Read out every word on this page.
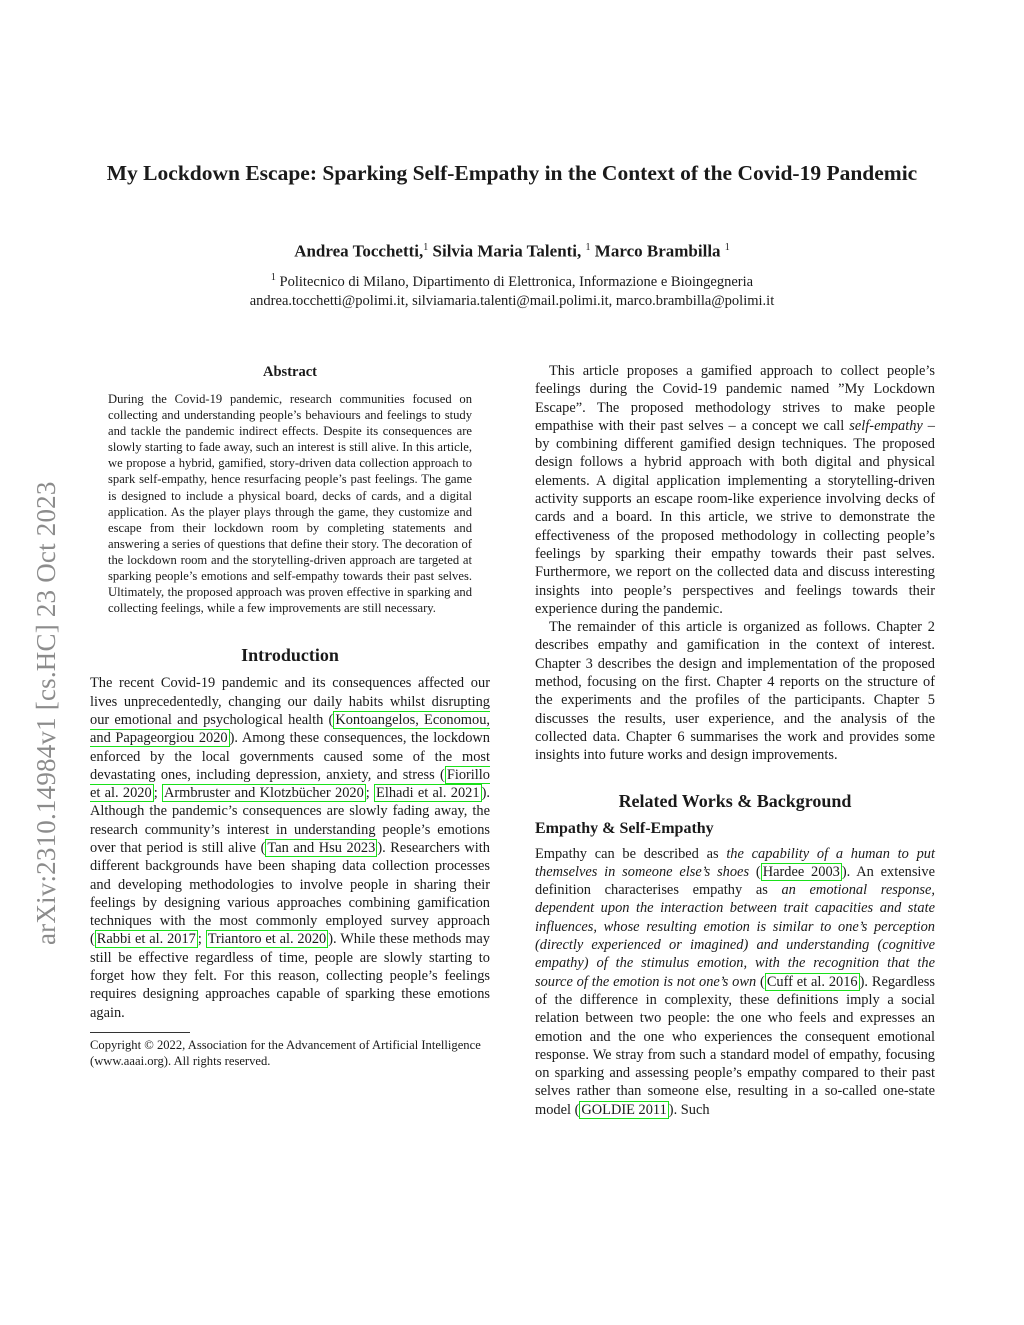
arXiv:2310.14984v1 [cs.HC] 23 Oct 2023
My Lockdown Escape: Sparking Self-Empathy in the Context of the Covid-19 Pandemic
Andrea Tocchetti,$^1$ Silvia Maria Talenti, $^1$ Marco Brambilla $^1$
$^1$ Politecnico di Milano, Dipartimento di Elettronica, Informazione e Bioingegneria
andrea.tocchetti@polimi.it, silviamaria.talenti@mail.polimi.it, marco.brambilla@polimi.it
Abstract

During the Covid-19 pandemic, research communities focused on collecting and understanding people’s behaviours and feelings to study and tackle the pandemic indirect effects. Despite its consequences are slowly starting to fade away, such an interest is still alive. In this article, we propose a hybrid, gamified, story-driven data collection approach to spark self-empathy, hence resurfacing people’s past feelings. The game is designed to include a physical board, decks of cards, and a digital application. As the player plays through the game, they customize and escape from their lockdown room by completing statements and answering a series of questions that define their story. The decoration of the lockdown room and the storytelling-driven approach are targeted at sparking people’s emotions and self-empathy towards their past selves. Ultimately, the proposed approach was proven effective in sparking and collecting feelings, while a few improvements are still necessary.

Introduction

The recent Covid-19 pandemic and its consequences affected our lives unprecedentedly, changing our daily habits whilst disrupting our emotional and psychological health ( Kontoangelos, Economou, and Papageorgiou 2020 ). Among these consequences, the lockdown enforced by the local governments caused some of the most devastating ones, including depression, anxiety, and stress ( Fiorillo et al. 2020 ; Armbruster and Klotzbücher 2020 ; Elhadi et al. 2021 ). Although the pandemic’s consequences are slowly fading away, the research community’s interest in understanding people’s emotions over that period is still alive ( Tan and Hsu 2023 ). Researchers with different backgrounds have been shaping data collection processes and developing methodologies to involve people in sharing their feelings by designing various approaches combining gamification techniques with the most commonly employed survey approach ( Rabbi et al. 2017 ; Triantoro et al. 2020 ). While these methods may still be effective regardless of time, people are slowly starting to forget how they felt. For this reason, collecting people’s feelings requires designing approaches capable of sparking these emotions again.

Copyright © 2022, Association for the Advancement of Artificial Intelligence (www.aaai.org). All rights reserved.

This article proposes a gamified approach to collect people’s feelings during the Covid-19 pandemic named ”My Lockdown Escape”. The proposed methodology strives to make people empathise with their past selves – a concept we call self-empathy – by combining different gamified design techniques. The proposed design follows a hybrid approach with both digital and physical elements. A digital application implementing a storytelling-driven activity supports an escape room-like experience involving decks of cards and a board. In this article, we strive to demonstrate the effectiveness of the proposed methodology in collecting people’s feelings by sparking their empathy towards their past selves. Furthermore, we report on the collected data and discuss interesting insights into people’s perspectives and feelings towards their experience during the pandemic.

The remainder of this article is organized as follows. Chapter 2 describes empathy and gamification in the context of interest. Chapter 3 describes the design and implementation of the proposed method, focusing on the first. Chapter 4 reports on the structure of the experiments and the profiles of the participants. Chapter 5 discusses the results, user experience, and the analysis of the collected data. Chapter 6 summarises the work and provides some insights into future works and design improvements.

Related Works & Background
Empathy & Self-Empathy

Empathy can be described as the capability of a human to put themselves in someone else’s shoes ( Hardee 2003 ). An extensive definition characterises empathy as an emotional response, dependent upon the interaction between trait capacities and state influences, whose resulting emotion is similar to one’s perception (directly experienced or imagined) and understanding (cognitive empathy) of the stimulus emotion, with the recognition that the source of the emotion is not one’s own ( Cuff et al. 2016 ). Regardless of the difference in complexity, these definitions imply a social relation between two people: the one who feels and expresses an emotion and the one who experiences the consequent emotional response. We stray from such a standard model of empathy, focusing on sparking and assessing people’s empathy compared to their past selves rather than someone else, resulting in a so-called one-state model ( GOLDIE 2011 ). Such
